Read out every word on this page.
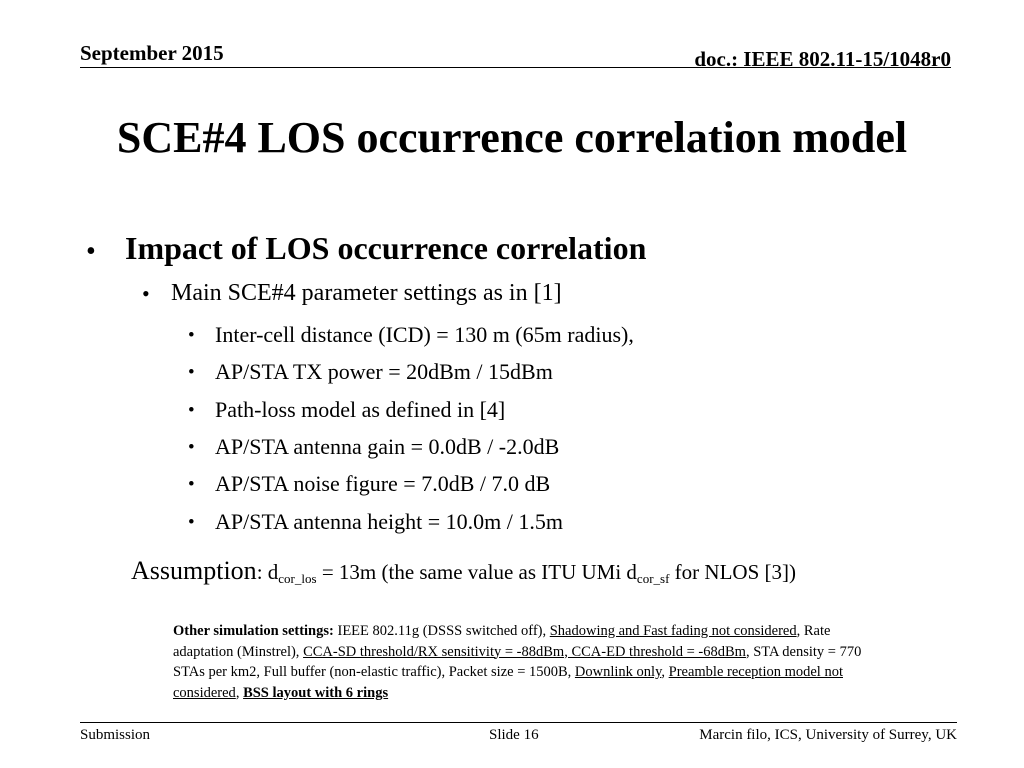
September 2015	doc.: IEEE 802.11-15/1048r0
SCE#4 LOS occurrence correlation model
• Impact of LOS occurrence correlation
• Main SCE#4 parameter settings as in [1]
• Inter-cell distance (ICD) = 130 m (65m radius),
• AP/STA TX power = 20dBm / 15dBm
• Path-loss model as defined in [4]
• AP/STA antenna gain = 0.0dB / -2.0dB
• AP/STA noise figure = 7.0dB / 7.0 dB
• AP/STA antenna height = 10.0m / 1.5m
Assumption: $d_{cor\_los} = 13m$ (the same value as ITU UMi $d_{cor\_sf}$ for NLOS [3])
Other simulation settings: IEEE 802.11g (DSSS switched off), Shadowing and Fast fading not considered, Rate adaptation (Minstrel), CCA-SD threshold/RX sensitivity = -88dBm, CCA-ED threshold = -68dBm, STA density = 770 STAs per km2, Full buffer (non-elastic traffic), Packet size = 1500B, Downlink only, Preamble reception model not considered, BSS layout with 6 rings
Submission	Slide 16	Marcin filo, ICS, University of Surrey, UK
